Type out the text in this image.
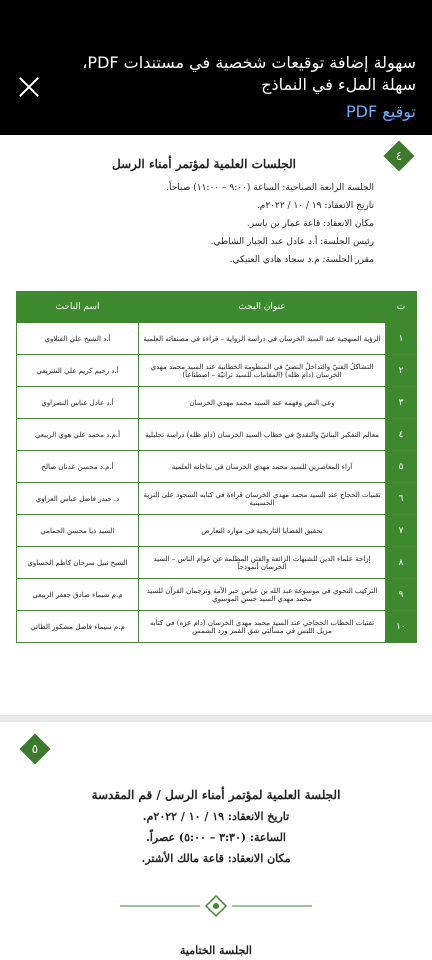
سهولة إضافة توقيعات شخصية في مستندات PDF، سهلة الملء في النماذج
توقيع PDF
٤
الجلسات العلمية لمؤتمر أمناء الرسل
الجلسة الرابعة الصباحية: الساعة (٩:٠٠ – ١١:٠٠) صباحاً.
تاريخ الانعقاد: ١٩ / ١٠ / ٢٠٢٢م.
مكان الانعقاد: قاعة عمار بن ياسر.
رئيس الجلسة: أ.د عادل عبد الجبار الشاطي.
مقرر الجلسة: م.د سجاد هادي العتيكي.
ت	عنوان البحث	اسم الباحث
١	الرؤية المنهجية عند السيد الخرسان في دراسة الرواية – قراءة في مصنفاته العلمية	أ.د الشيخ علي الفتلاوي
٢	التشاكلُ الفنيّ والتداخلُ النصيّ في المنظومة الخطابية عند السيد محمد مهدي الخرسان (دام ظله) (المقامات للسيد تراثيّة – اصطناعاً)	أ.د رحيم كريم علي الشريفي
٣	وعي النص وفهمه عند السيد محمد مهدي الخرسان	أ.د عادل عباس النصراوي
٤	معالم التفكير البنائيّ والنقديّ في خطاب السيد الخرسان (دام ظله) دراسة تحليلية	أ.م.د محمد علي هوي الربيعي
٥	آراء المعاصرين للسيد محمد مهدي الخرسان في نتاجاته العلمية	أ.م.د محسن عدنان صالح
٦	تقنيات الحجاج عند السيد محمد مهدي الخرسان قراءة في كتابه السجود على التربة الحسينية	د. حيدر فاضل عباس العزاوي
٧	تحقيق القضايا التاريخية في موارد التعارض	السيد ذيا محسن الحمامي
٨	إزاحة علماء الدين للشبهات الزائفة والفتن المظلمة عن عوام الناس – السيد الخرسان أنموذجاً	الشيخ نبيل سرحان كاظم الحساوي
٩	التركيب النحوي في موسوعة عبد الله بن عباس حبر الأمة وترجمان القرآن للسيد محمد مهدي السيد حسن الموسوي	م.م شيماء صادق جعفر الربيعي
١٠	تقنيات الخطاب الحجاجي عند السيد محمد مهدي الخرسان (دام عزه) في كتابه مزيل اللبس في مسألتي شق القمر ورد الشمس	م.م سيماء فاضل مشكور الطائي
٥
الجلسة العلمية لمؤتمر أمناء الرسل / قم المقدسة
تاريخ الانعقاد: ١٩ / ١٠ / ٢٠٢٢م.
الساعة: (٣:٣٠ – ٥:٠٠) عصراً.
مكان الانعقاد: قاعة مالك الأشتر.
الجلسة الختامية
